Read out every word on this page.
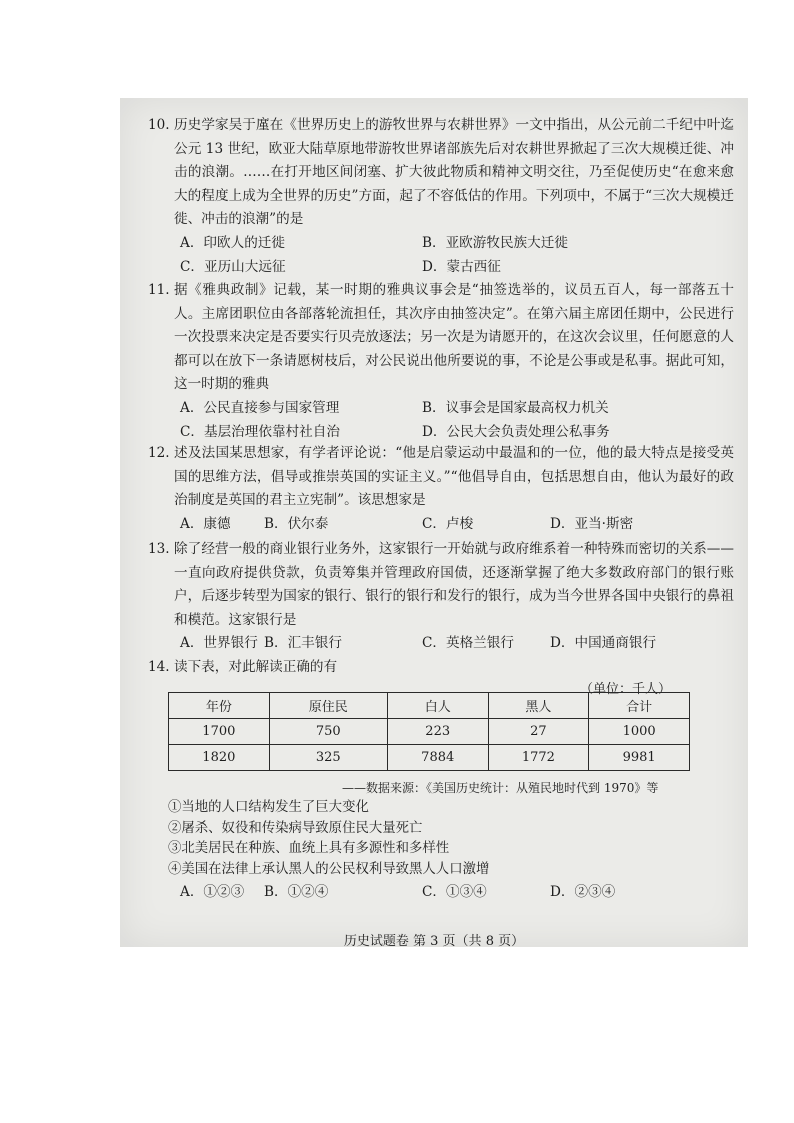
10. 历史学家吴于廑在《世界历史上的游牧世界与农耕世界》一文中指出，从公元前二千纪中叶迄公元 13 世纪，欧亚大陆草原地带游牧世界诸部族先后对农耕世界掀起了三次大规模迁徙、冲击的浪潮。……在打开地区间闭塞、扩大彼此物质和精神文明交往，乃至促使历史“在愈来愈大的程度上成为全世界的历史”方面，起了不容低估的作用。下列项中，不属于“三次大规模迁徙、冲击的浪潮”的是
A．印欧人的迁徙	B．亚欧游牧民族大迁徙
C．亚历山大远征	D．蒙古西征
11. 据《雅典政制》记载，某一时期的雅典议事会是“抽签选举的，议员五百人，每一部落五十人。主席团职位由各部落轮流担任，其次序由抽签决定”。在第六届主席团任期中，公民进行一次投票来决定是否要实行贝壳放逐法；另一次是为请愿开的，在这次会议里，任何愿意的人都可以在放下一条请愿树枝后，对公民说出他所要说的事，不论是公事或是私事。据此可知，这一时期的雅典
A．公民直接参与国家管理	B．议事会是国家最高权力机关
C．基层治理依靠村社自治	D．公民大会负责处理公私事务
12. 述及法国某思想家，有学者评论说：“他是启蒙运动中最温和的一位，他的最大特点是接受英国的思维方法，倡导或推崇英国的实证主义。”“他倡导自由，包括思想自由，他认为最好的政治制度是英国的君主立宪制”。该思想家是
A．康德 B．伏尔泰	C．卢梭	D．亚当·斯密
13. 除了经营一般的商业银行业务外，这家银行一开始就与政府维系着一种特殊而密切的关系——一直向政府提供贷款，负责筹集并管理政府国债，还逐渐掌握了绝大多数政府部门的银行账户，后逐步转型为国家的银行、银行的银行和发行的银行，成为当今世界各国中央银行的鼻祖和模范。这家银行是
A．世界银行 B．汇丰银行	C．英格兰银行	D．中国通商银行
14. 读下表，对此解读正确的有
（单位：千人）
年份	原住民	白人	黑人	合计
1700	750	223	27	1000
1820	325	7884	1772	9981
——数据来源：《美国历史统计：从殖民地时代到 1970》等
①当地的人口结构发生了巨大变化
②屠杀、奴役和传染病导致原住民大量死亡
③北美居民在种族、血统上具有多源性和多样性
④美国在法律上承认黑人的公民权利导致黑人人口激增
A．①②③ B．①②④	C．①③④	D．②③④
历史试题卷 第 3 页（共 8 页）
